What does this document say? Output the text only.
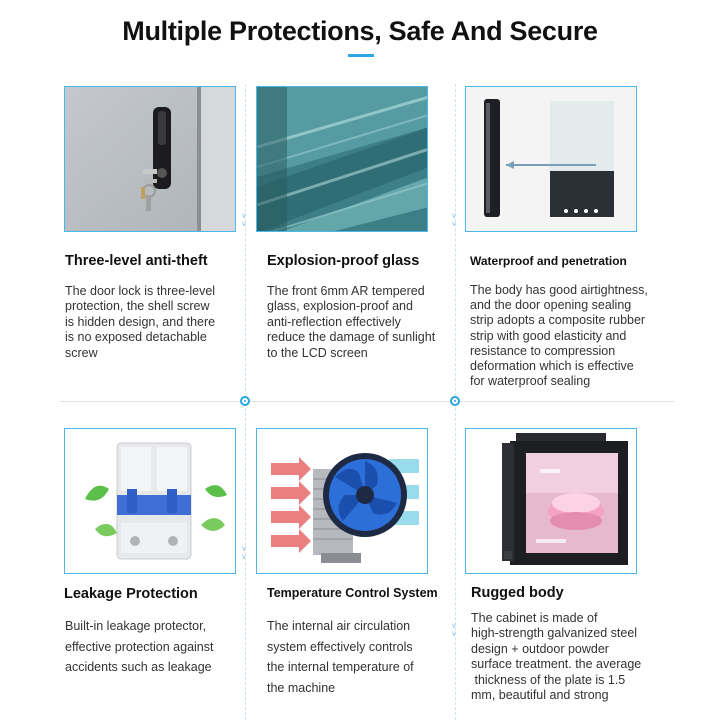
Multiple Protections, Safe And Secure
∨
∨
∨
∨
∨
∨
∨
∨
Three-level anti-theft
The door lock is three-level
protection, the shell screw
is hidden design, and there
is no exposed detachable
screw
Explosion-proof glass
The front 6mm AR tempered
glass, explosion-proof and
anti-reflection effectively
reduce the damage of sunlight
to the LCD screen
Waterproof and penetration
The body has good airtightness,
and the door opening sealing
strip adopts a composite rubber
strip with good elasticity and
resistance to compression
deformation which is effective
for waterproof sealing
Leakage Protection
Built-in leakage protector,
effective protection against
accidents such as leakage
Temperature Control System
The internal air circulation
system effectively controls
the internal temperature of
the machine
Rugged body
The cabinet is made of
high-strength galvanized steel
design + outdoor powder
surface treatment. the average
thickness of the plate is 1.5
mm, beautiful and strong
